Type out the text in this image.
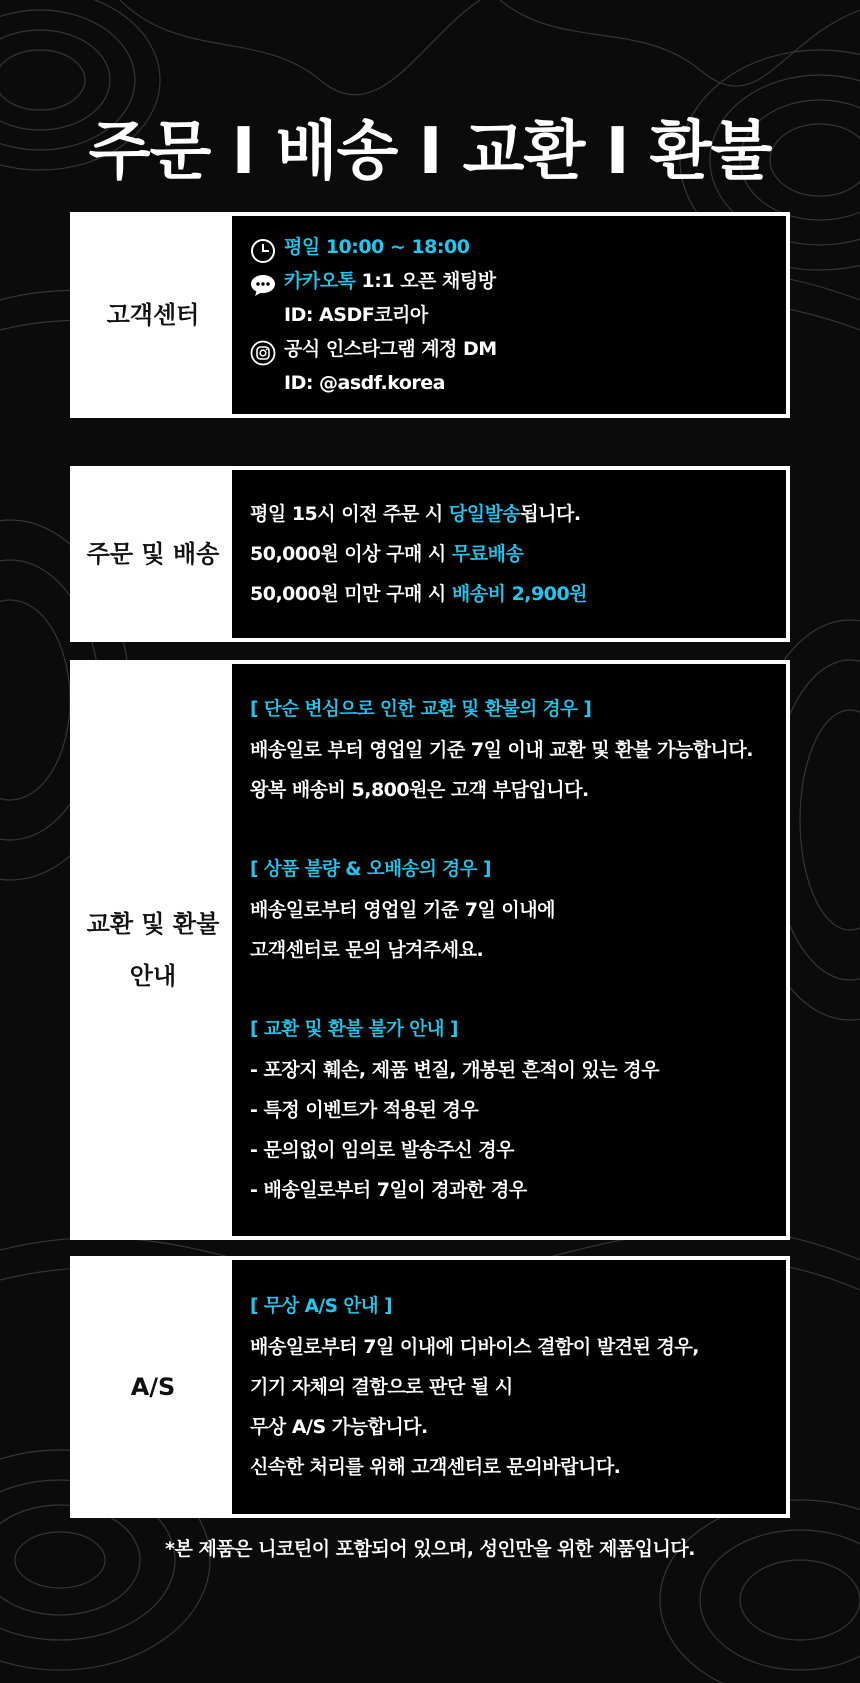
주문 I 배송 I 교환 I 환불
고객센터
평일 10:00 ~ 18:00
카카오톡 1:1 오픈 채팅방
ID: ASDF코리아
공식 인스타그램 계정 DM
ID: @asdf.korea
주문 및 배송
평일 15시 이전 주문 시 당일발송됩니다.
50,000원 이상 구매 시 무료배송
50,000원 미만 구매 시 배송비 2,900원
교환 및 환불
안내
[ 단순 변심으로 인한 교환 및 환불의 경우 ]
배송일로 부터 영업일 기준 7일 이내 교환 및 환불 가능합니다.
왕복 배송비 5,800원은 고객 부담입니다.
[ 상품 불량 & 오배송의 경우 ]
배송일로부터 영업일 기준 7일 이내에
고객센터로 문의 남겨주세요.
[ 교환 및 환불 불가 안내 ]
- 포장지 훼손, 제품 변질, 개봉된 흔적이 있는 경우
- 특정 이벤트가 적용된 경우
- 문의없이 임의로 발송주신 경우
- 배송일로부터 7일이 경과한 경우
A/S
[ 무상 A/S 안내 ]
배송일로부터 7일 이내에 디바이스 결함이 발견된 경우,
기기 자체의 결함으로 판단 될 시
무상 A/S 가능합니다.
신속한 처리를 위해 고객센터로 문의바랍니다.
*본 제품은 니코틴이 포함되어 있으며, 성인만을 위한 제품입니다.
